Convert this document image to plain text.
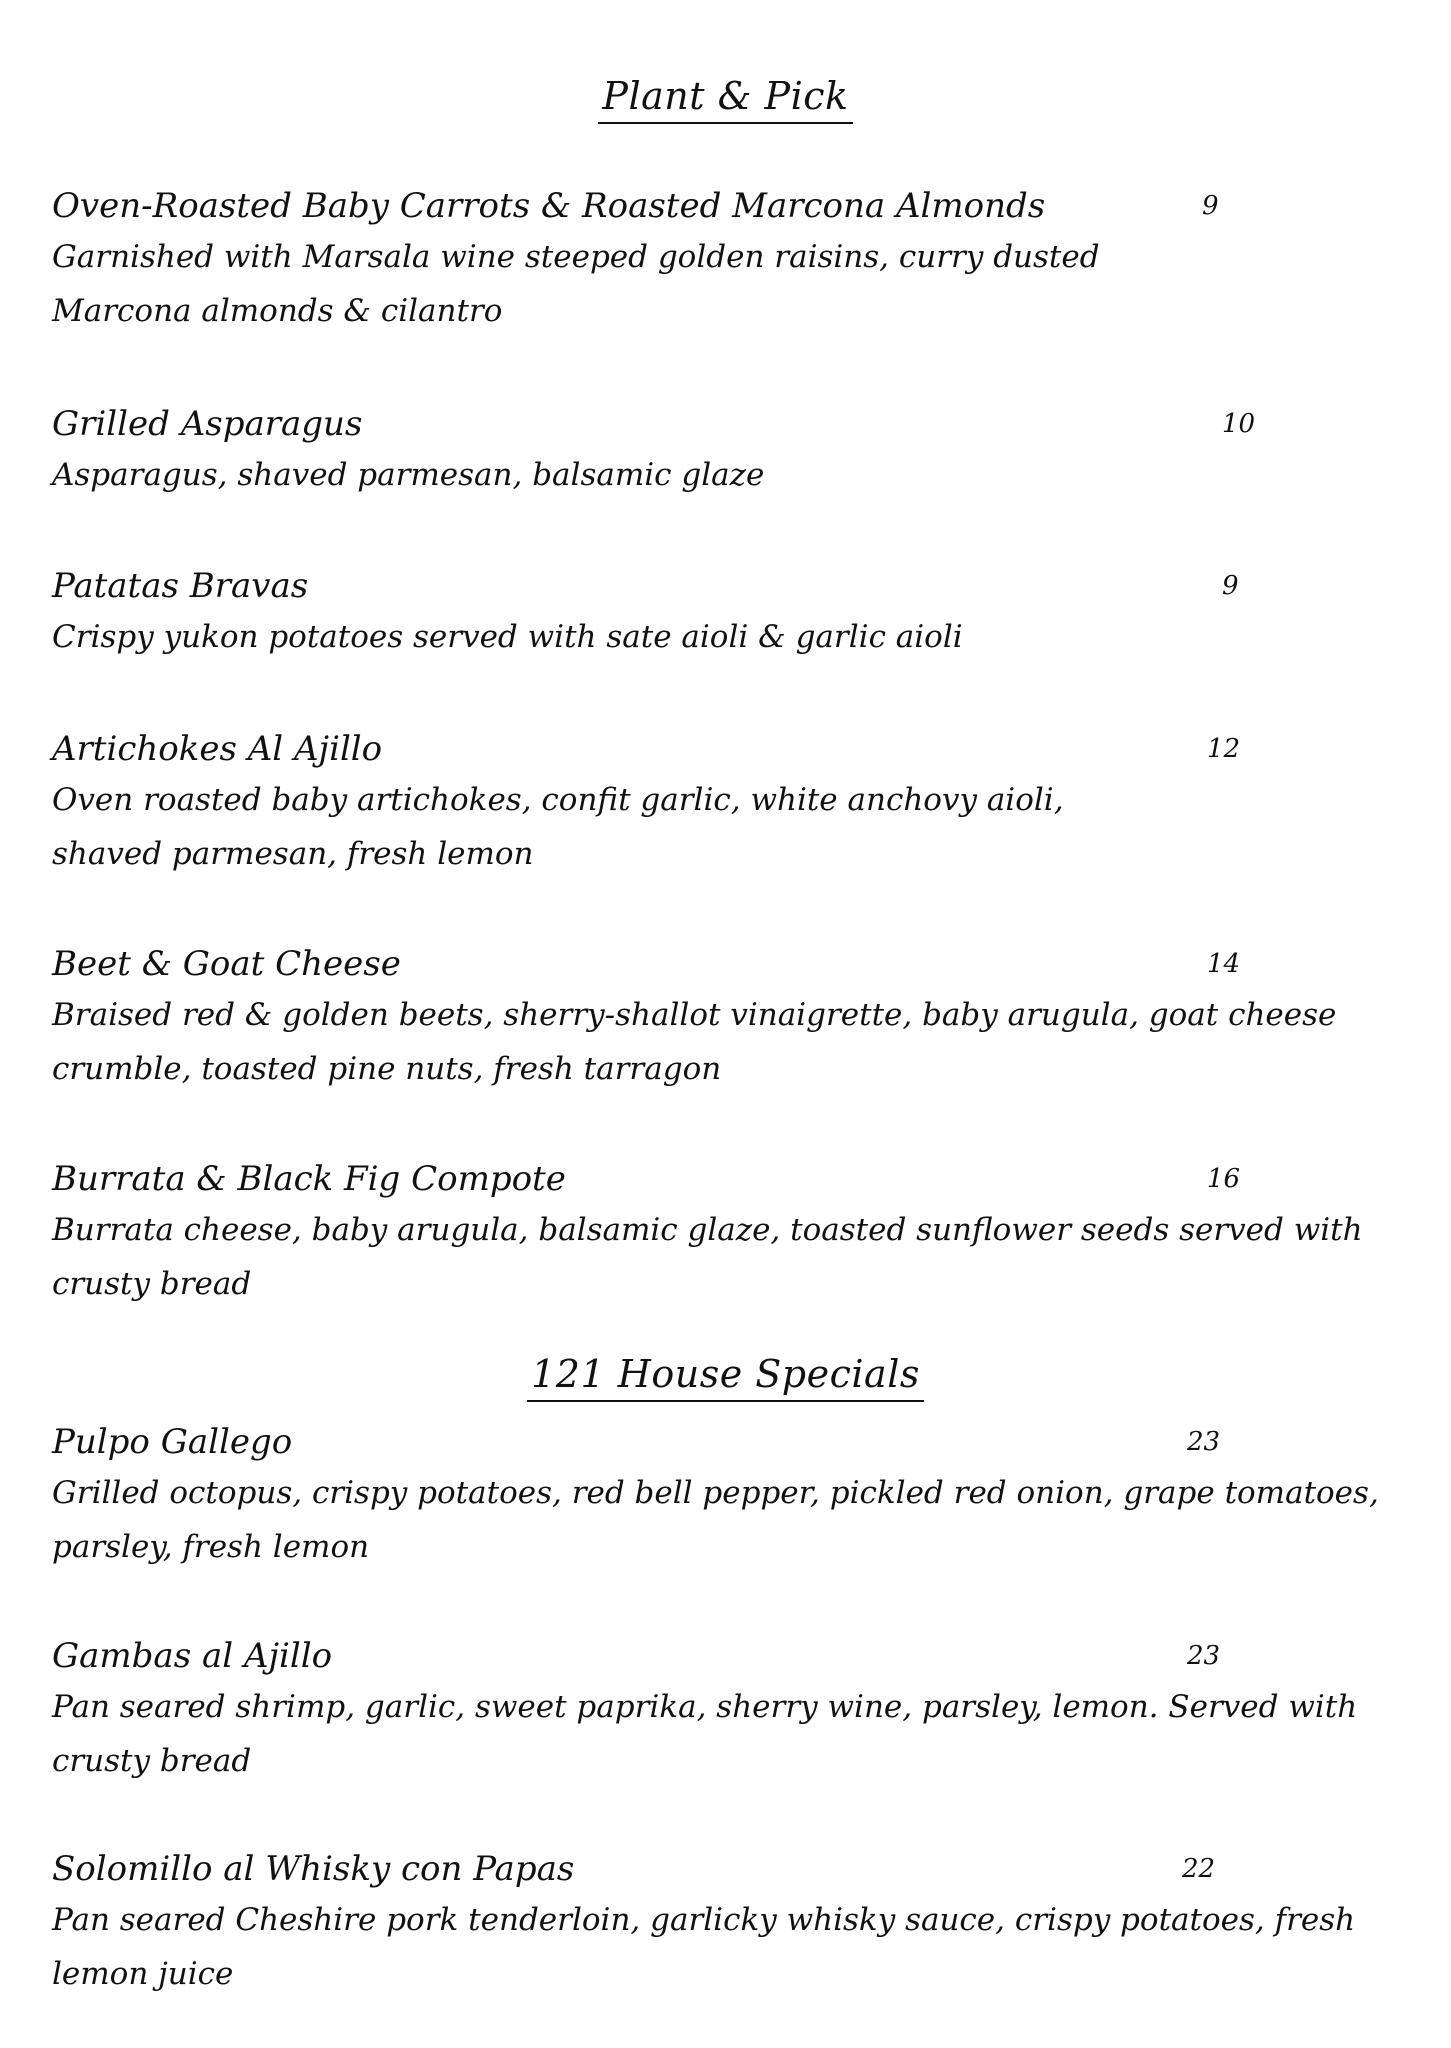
Plant & Pick
Oven-Roasted Baby Carrots & Roasted Marcona Almonds	9
Garnished with Marsala wine steeped golden raisins, curry dusted Marcona almonds & cilantro
Grilled Asparagus	10
Asparagus, shaved parmesan, balsamic glaze
Patatas Bravas	9
Crispy yukon potatoes served with sate aioli & garlic aioli
Artichokes Al Ajillo	12
Oven roasted baby artichokes, confit garlic, white anchovy aioli, shaved parmesan, fresh lemon
Beet & Goat Cheese	14
Braised red & golden beets, sherry-shallot vinaigrette, baby arugula, goat cheese crumble, toasted pine nuts, fresh tarragon
Burrata & Black Fig Compote	16
Burrata cheese, baby arugula, balsamic glaze, toasted sunflower seeds served with crusty bread
121 House Specials
Pulpo Gallego	23
Grilled octopus, crispy potatoes, red bell pepper, pickled red onion, grape tomatoes, parsley, fresh lemon
Gambas al Ajillo	23
Pan seared shrimp, garlic, sweet paprika, sherry wine, parsley, lemon. Served with crusty bread
Solomillo al Whisky con Papas	22
Pan seared Cheshire pork tenderloin, garlicky whisky sauce, crispy potatoes, fresh lemon juice
